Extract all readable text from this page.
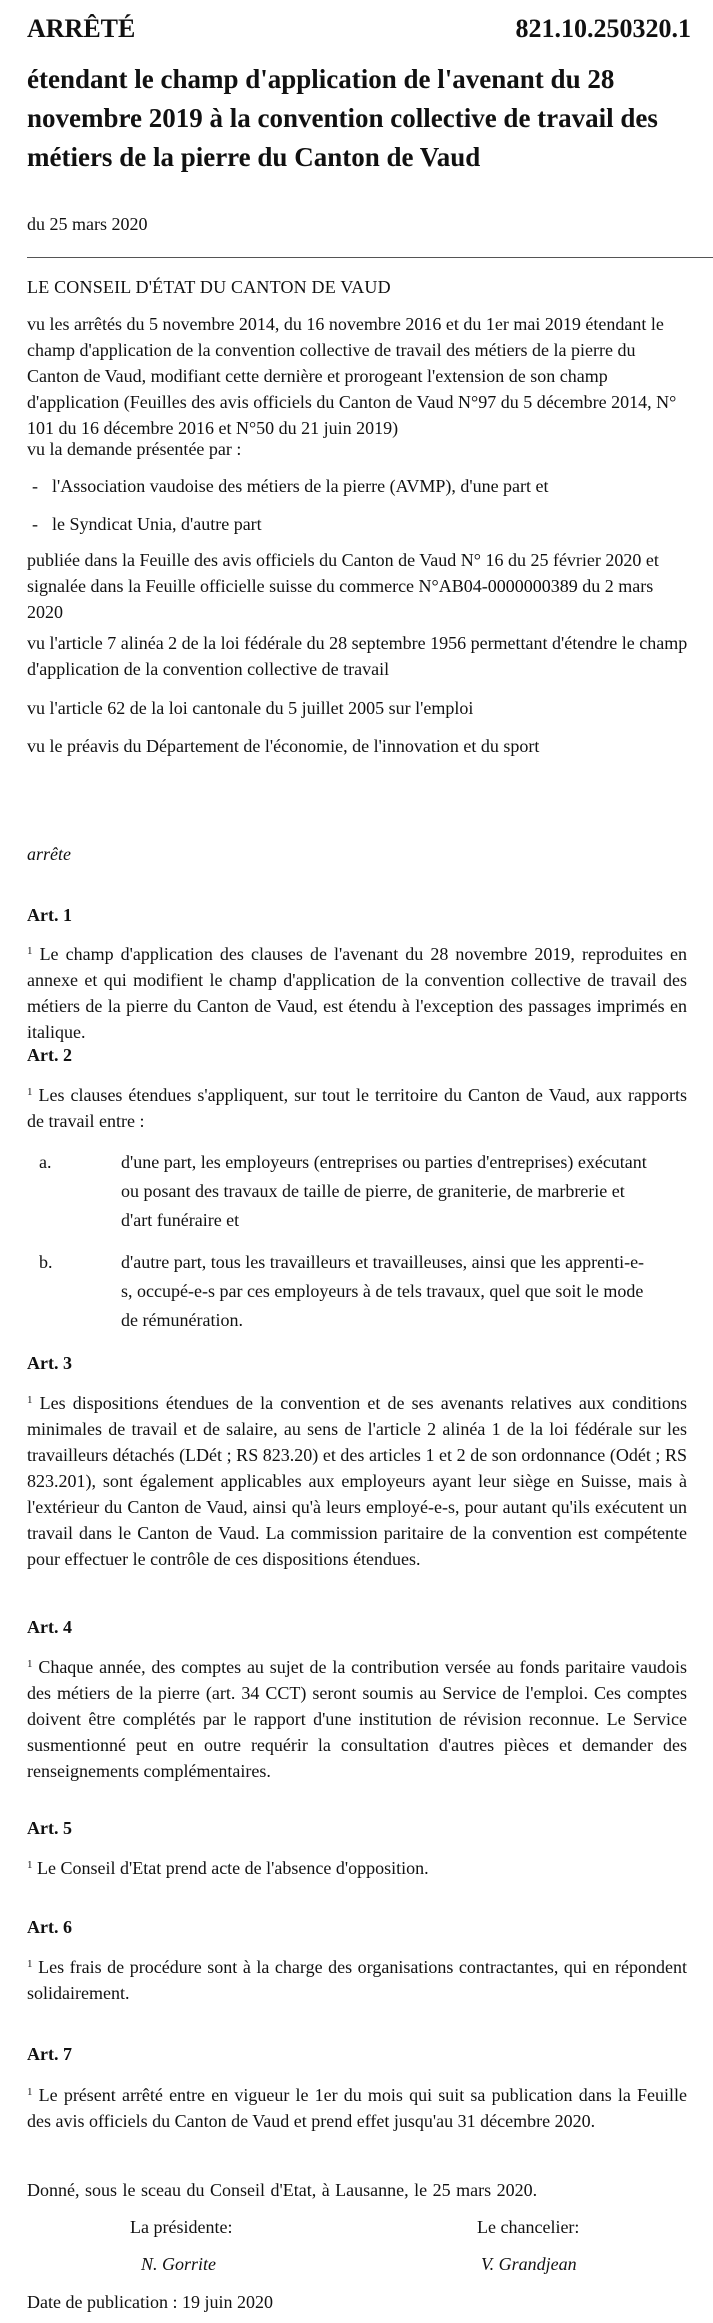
ARRÊTÉ	821.10.250320.1
étendant le champ d'application de l'avenant du 28 novembre 2019 à la convention collective de travail des métiers de la pierre du Canton de Vaud
du 25 mars 2020
LE CONSEIL D'ÉTAT DU CANTON DE VAUD
vu les arrêtés du 5 novembre 2014, du 16 novembre 2016 et du 1er mai 2019 étendant le champ d'application de la convention collective de travail des métiers de la pierre du Canton de Vaud, modifiant cette dernière et prorogeant l'extension de son champ d'application (Feuilles des avis officiels du Canton de Vaud N°97 du 5 décembre 2014, N° 101 du 16 décembre 2016 et N°50 du 21 juin 2019)
vu la demande présentée par :
- l'Association vaudoise des métiers de la pierre (AVMP), d'une part et
- le Syndicat Unia, d'autre part
publiée dans la Feuille des avis officiels du Canton de Vaud N° 16 du 25 février 2020 et signalée dans la Feuille officielle suisse du commerce N°AB04-0000000389 du 2 mars 2020
vu l'article 7 alinéa 2 de la loi fédérale du 28 septembre 1956 permettant d'étendre le champ d'application de la convention collective de travail
vu l'article 62 de la loi cantonale du 5 juillet 2005 sur l'emploi
vu le préavis du Département de l'économie, de l'innovation et du sport
arrête
Art. 1
$^1$ Le champ d'application des clauses de l'avenant du 28 novembre 2019, reproduites en annexe et qui modifient le champ d'application de la convention collective de travail des métiers de la pierre du Canton de Vaud, est étendu à l'exception des passages imprimés en italique.
Art. 2
$^1$ Les clauses étendues s'appliquent, sur tout le territoire du Canton de Vaud, aux rapports de travail entre :
a.	d'une part, les employeurs (entreprises ou parties d'entreprises) exécutant ou posant des travaux de taille de pierre, de graniterie, de marbrerie et d'art funéraire et
b.	d'autre part, tous les travailleurs et travailleuses, ainsi que les apprenti-e-s, occupé-e-s par ces employeurs à de tels travaux, quel que soit le mode de rémunération.
Art. 3
$^1$ Les dispositions étendues de la convention et de ses avenants relatives aux conditions minimales de travail et de salaire, au sens de l'article 2 alinéa 1 de la loi fédérale sur les travailleurs détachés (LDét ; RS 823.20) et des articles 1 et 2 de son ordonnance (Odét ; RS 823.201), sont également applicables aux employeurs ayant leur siège en Suisse, mais à l'extérieur du Canton de Vaud, ainsi qu'à leurs employé-e-s, pour autant qu'ils exécutent un travail dans le Canton de Vaud. La commission paritaire de la convention est compétente pour effectuer le contrôle de ces dispositions étendues.
Art. 4
$^1$ Chaque année, des comptes au sujet de la contribution versée au fonds paritaire vaudois des métiers de la pierre (art. 34 CCT) seront soumis au Service de l'emploi. Ces comptes doivent être complétés par le rapport d'une institution de révision reconnue. Le Service susmentionné peut en outre requérir la consultation d'autres pièces et demander des renseignements complémentaires.
Art. 5
$^1$ Le Conseil d'Etat prend acte de l'absence d'opposition.
Art. 6
$^1$ Les frais de procédure sont à la charge des organisations contractantes, qui en répondent solidairement.
Art. 7
$^1$ Le présent arrêté entre en vigueur le 1er du mois qui suit sa publication dans la Feuille des avis officiels du Canton de Vaud et prend effet jusqu'au 31 décembre 2020.
Donné, sous le sceau du Conseil d'Etat, à Lausanne, le 25 mars 2020.
La présidente:	Le chancelier:
N. Gorrite	V. Grandjean
Date de publication : 19 juin 2020
